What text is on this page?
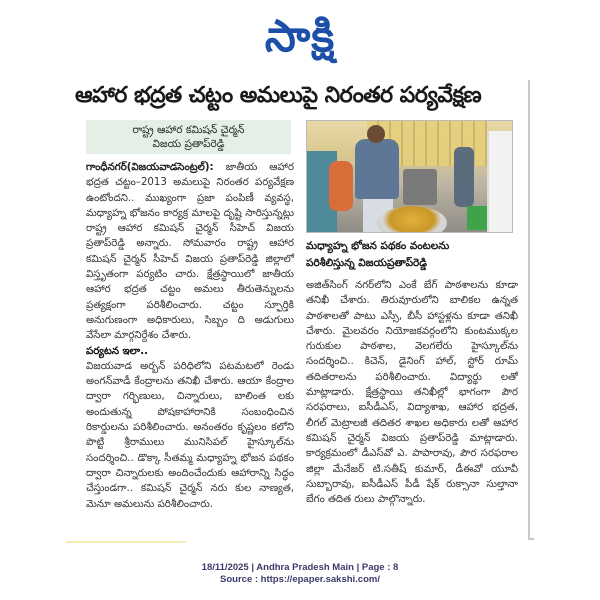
సాక్షి
ఆహార భద్రత చట్టం అమలుపై నిరంతర పర్యవేక్షణ
రాష్ట్ర ఆహార కమిషన్ చైర్మన్
విజయ ప్రతాప్‌రెడ్డి

గాంధీనగర్(విజయవాడసెంట్రల్): జాతీయ ఆహార భద్రత చట్టం–2013 అమలుపై నిరంతర పర్యవేక్షణ ఉంటోందని.. ముఖ్యంగా ప్రజా పంపిణీ వ్యవస్థ, మధ్యాహ్న భోజనం కార్యక్ర మాలపై దృష్టి సారిస్తున్నట్లు రాష్ట్ర ఆహార కమిషన్ చైర్మన్ సీహెచ్ విజయ ప్రతాప్‌రెడ్డి అన్నారు. సోమవారం రాష్ట్ర ఆహార కమిషన్ చైర్మన్ సీహెచ్ విజయ ప్రతాప్‌రెడ్డి జిల్లాలో విస్తృతంగా పర్యటిం చారు. క్షేత్రస్థాయిలో జాతీయ ఆహార భద్రత చట్టం అమలు తీరుతెన్నులను ప్రత్యక్షంగా పరిశీలించారు. చట్టం స్ఫూర్తికి అనుగుణంగా అధికారులు, సిబ్బం ది అడుగులు వేసేలా మార్గనిర్దేశం చేశారు.

పర్యటన ఇలా..

విజయవాడ అర్బన్ పరిధిలోని పటమటలో రెండు అంగన్‌వాడీ కేంద్రాలను తనిఖీ చేశారు. ఆయా కేంద్రాల ద్వారా గర్భిణులు, చిన్నారులు, బాలింత లకు అందుతున్న పోషకాహారానికి సంబంధించిన రికార్డులను పరిశీలించారు. అనంతరం కృష్ణలం కలోని పొట్టి శ్రీరాములు మునిసిపల్ హైస్కూల్‌ను సందర్శించి.. డొక్కా సీతమ్మ మధ్యాహ్న భోజన పథకం ద్వారా చిన్నారులకు అందించేందుకు ఆహారాన్ని సిద్ధం చేస్తుండగా.. కమిషన్ చైర్మన్ నరు కుల నాణ్యత, మెనూ అమలును పరిశీలించారు.

మధ్యాహ్న భోజన పథకం వంటలను
పరిశీలిస్తున్న విజయప్రతాప్‌రెడ్డి

అజిత్‌సింగ్ నగర్‌లోని ఎంకే బేగ్ పాఠశాలను కూడా తనిఖీ చేశారు. తిరువూరులోని బాలికల ఉన్నత పాఠశాలతో పాటు ఎస్సీ, బీసీ హాస్టళ్లను కూడా తనిఖీ చేశారు. మైలవరం నియోజకవర్గంలోని కుంటముక్కల గురుకుల పాఠశాల, వెలగలేరు హైస్కూల్‌ను సందర్శించి.. కిచెన్, డైనింగ్ హాల్, స్టోర్ రూమ్ తదితరాలను పరిశీలించారు. విద్యార్థు లతో మాట్లాడారు. క్షేత్రస్థాయి తనిఖీల్లో భాగంగా పౌర సరఫరాలు, ఐసీడీఎస్, విద్యాశాఖ, ఆహార భద్రత, లీగల్ మెట్రాలజీ తదితర శాఖల అధికారు లతో ఆహార కమిషన్ చైర్మన్ విజయ ప్రతాప్‌రెడ్డి మాట్లాడారు. కార్యక్రమంలో డీఎస్‌వో ఎ. పాపారావు, పౌర సరఫరాల జిల్లా మేనేజర్ టి.సతీష్ కుమార్, డీఈవో యూవీ సుబ్బారావు, ఐసీడీఎస్ పీడీ షేక్ రుక్సానా సుల్తానా బేగం తదిత రులు పాల్గొన్నారు.

18/11/2025 | Andhra Pradesh Main | Page : 8
Source : https://epaper.sakshi.com/
